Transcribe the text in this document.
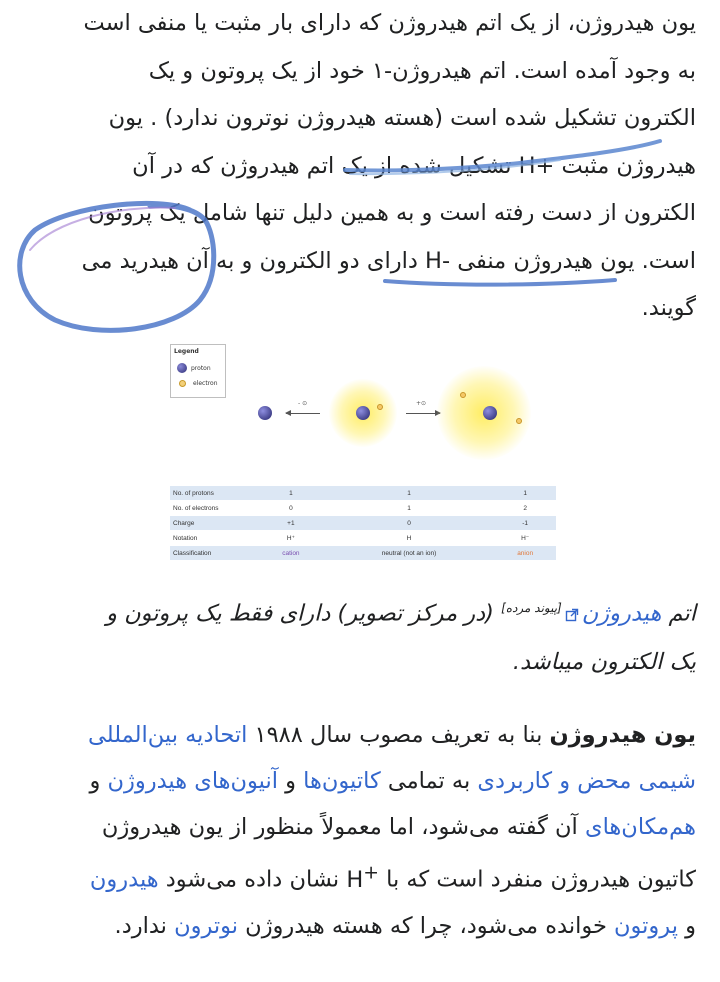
یون هیدروژن، از یک اتم هیدروژن که دارای بار مثبت یا منفی است

به وجود آمده است. اتم هیدروژن-۱ خود از یک پروتون و یک

الکترون تشکیل شده است (هسته هیدروژن نوترون ندارد) . یون

هیدروژن مثبت +H تشکیل شده از یک اتم هیدروژن که در آن

الکترون از دست رفته است و به همین دلیل تنها شامل یک پروتون

است. یون هیدروژن منفی -H دارای دو الکترون و به آن هیدرید می

گویند.

Legend
proton
electron
- ⊙	+⊙
No. of protons	1	1	1
No. of electrons	0	1	2
Charge	+1	0	-1
Notation	H⁺	H	H⁻
Classification	cation	neutral (not an ion)	anion

اتم هیدروژن[پیوند مرده] (در مرکز تصویر) دارای فقط یک پروتون و

یک الکترون میباشد.

یون هیدروژن بنا به تعریف مصوب سال ۱۹۸۸ اتحادیه بین‌المللی

شیمی محض و کاربردی به تمامی کاتیون‌ها و آنیون‌های هیدروژن و

هم‌مکان‌های آن گفته می‌شود، اما معمولاً منظور از یون هیدروژن

کاتیون هیدروژن منفرد است که با H+ نشان داده می‌شود هیدرون

و پروتون خوانده می‌شود، چرا که هسته هیدروژن نوترون ندارد.
